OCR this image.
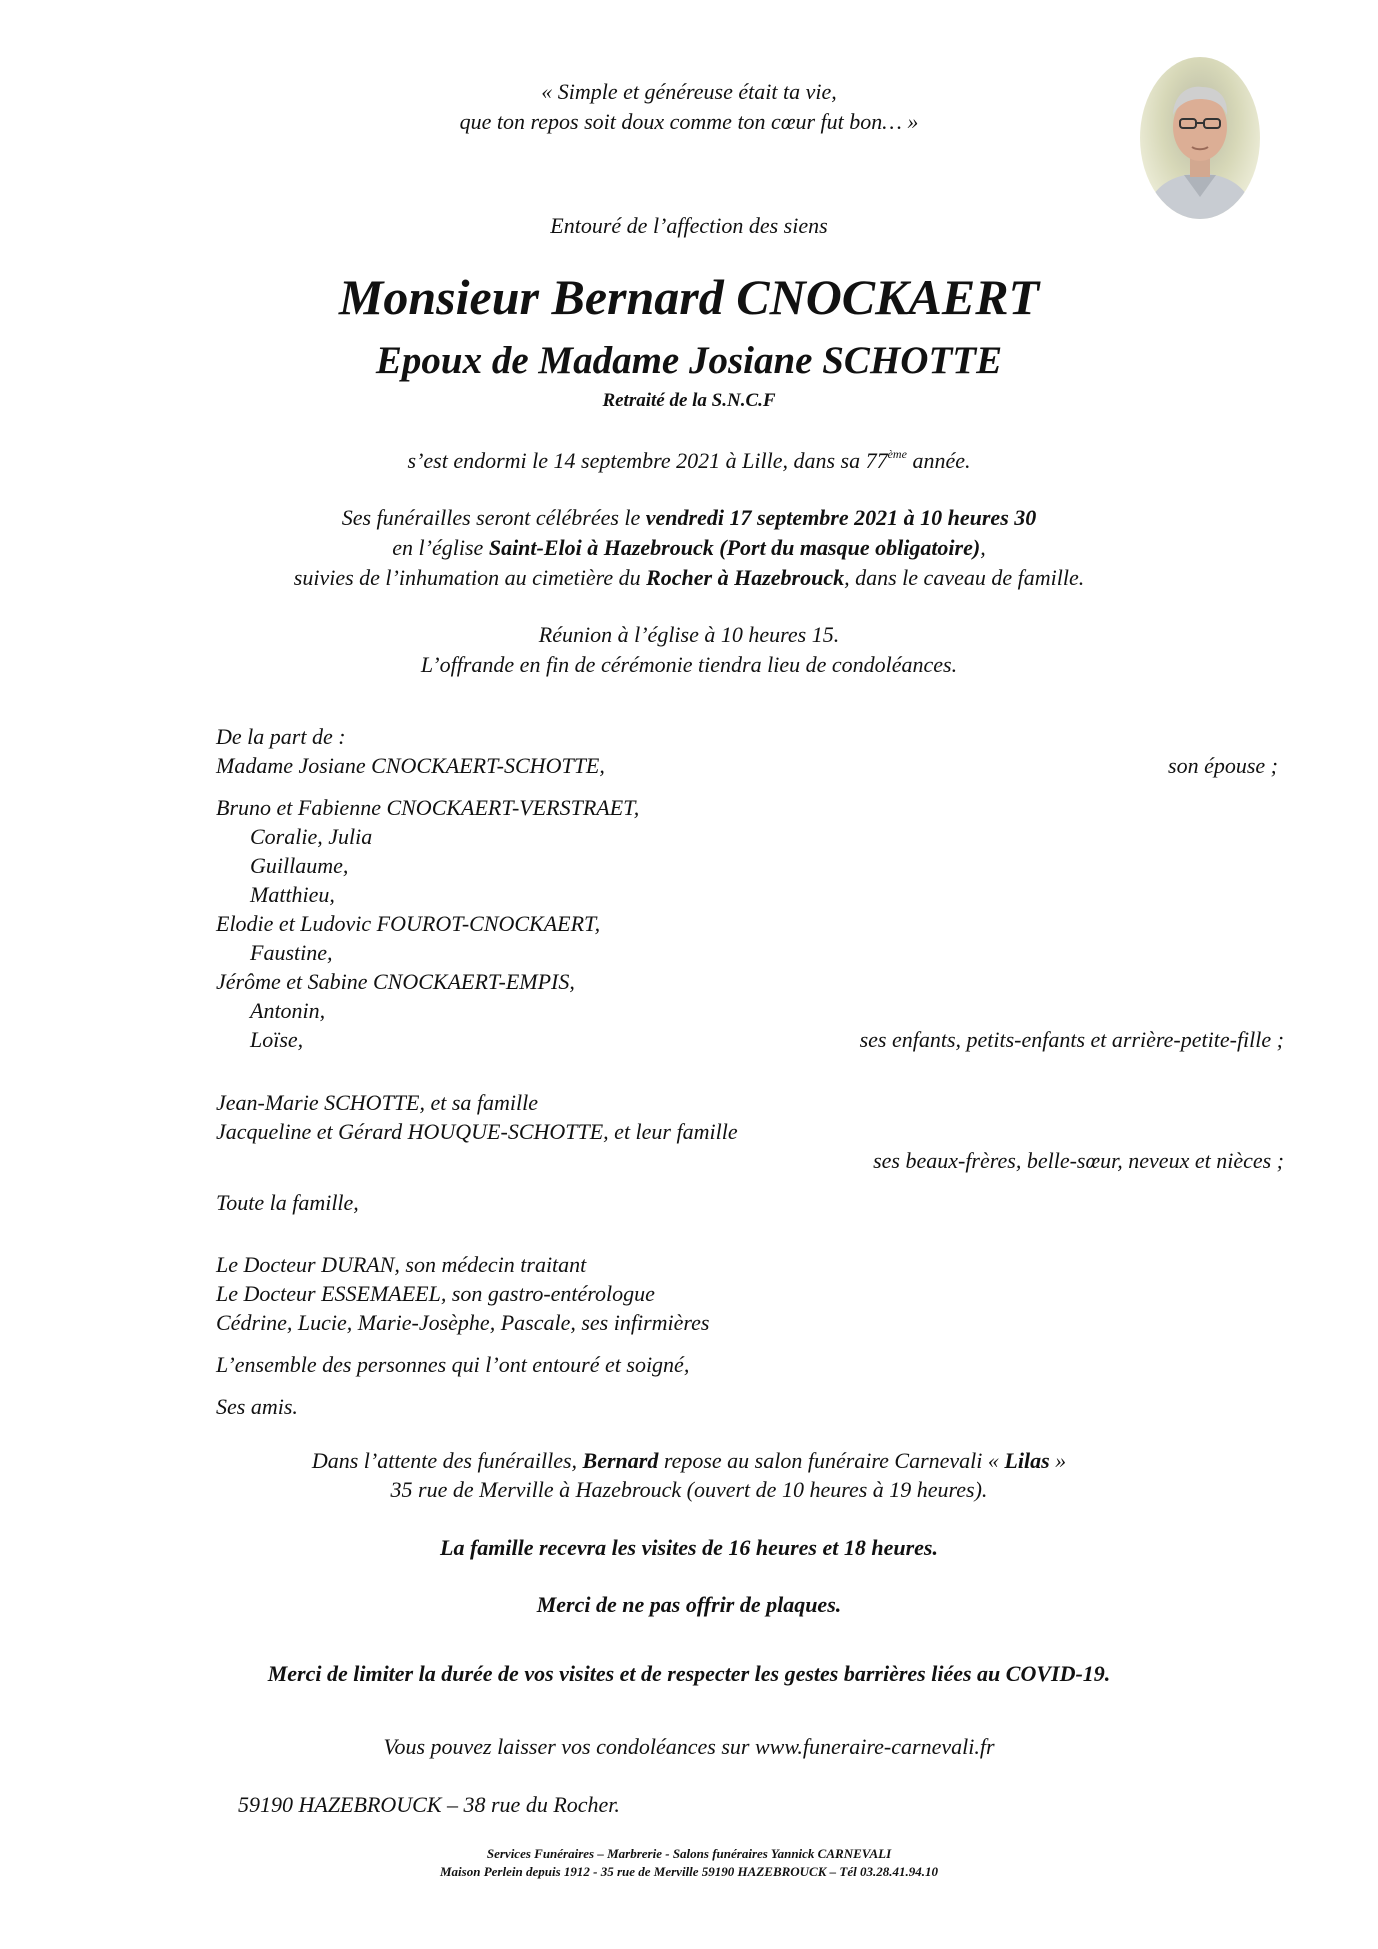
« Simple et généreuse était ta vie,
que ton repos soit doux comme ton cœur fut bon… »
Entouré de l’affection des siens
Monsieur Bernard CNOCKAERT
Epoux de Madame Josiane SCHOTTE
Retraité de la S.N.C.F
s’est endormi le 14 septembre 2021 à Lille, dans sa 77ème année.
Ses funérailles seront célébrées le vendredi 17 septembre 2021 à 10 heures 30
en l’église Saint-Eloi à Hazebrouck (Port du masque obligatoire),
suivies de l’inhumation au cimetière du Rocher à Hazebrouck, dans le caveau de famille.
Réunion à l’église à 10 heures 15.
L’offrande en fin de cérémonie tiendra lieu de condoléances.
De la part de :
Madame Josiane CNOCKAERT-SCHOTTE,	son épouse ;
Bruno et Fabienne CNOCKAERT-VERSTRAET,
Coralie, Julia
Guillaume,
Matthieu,
Elodie et Ludovic FOUROT-CNOCKAERT,
Faustine,
Jérôme et Sabine CNOCKAERT-EMPIS,
Antonin,
Loïse,	ses enfants, petits-enfants et arrière-petite-fille ;
Jean-Marie SCHOTTE, et sa famille
Jacqueline et Gérard HOUQUE-SCHOTTE, et leur famille
ses beaux-frères, belle-sœur, neveux et nièces ;
Toute la famille,
Le Docteur DURAN, son médecin traitant
Le Docteur ESSEMAEEL, son gastro-entérologue
Cédrine, Lucie, Marie-Josèphe, Pascale, ses infirmières
L’ensemble des personnes qui l’ont entouré et soigné,
Ses amis.
Dans l’attente des funérailles, Bernard repose au salon funéraire Carnevali « Lilas »
35 rue de Merville à Hazebrouck (ouvert de 10 heures à 19 heures).
La famille recevra les visites de 16 heures et 18 heures.
Merci de ne pas offrir de plaques.
Merci de limiter la durée de vos visites et de respecter les gestes barrières liées au COVID-19.
Vous pouvez laisser vos condoléances sur www.funeraire-carnevali.fr
59190 HAZEBROUCK – 38 rue du Rocher.
Services Funéraires – Marbrerie - Salons funéraires Yannick CARNEVALI
Maison Perlein depuis 1912 - 35 rue de Merville 59190 HAZEBROUCK – Tél 03.28.41.94.10
